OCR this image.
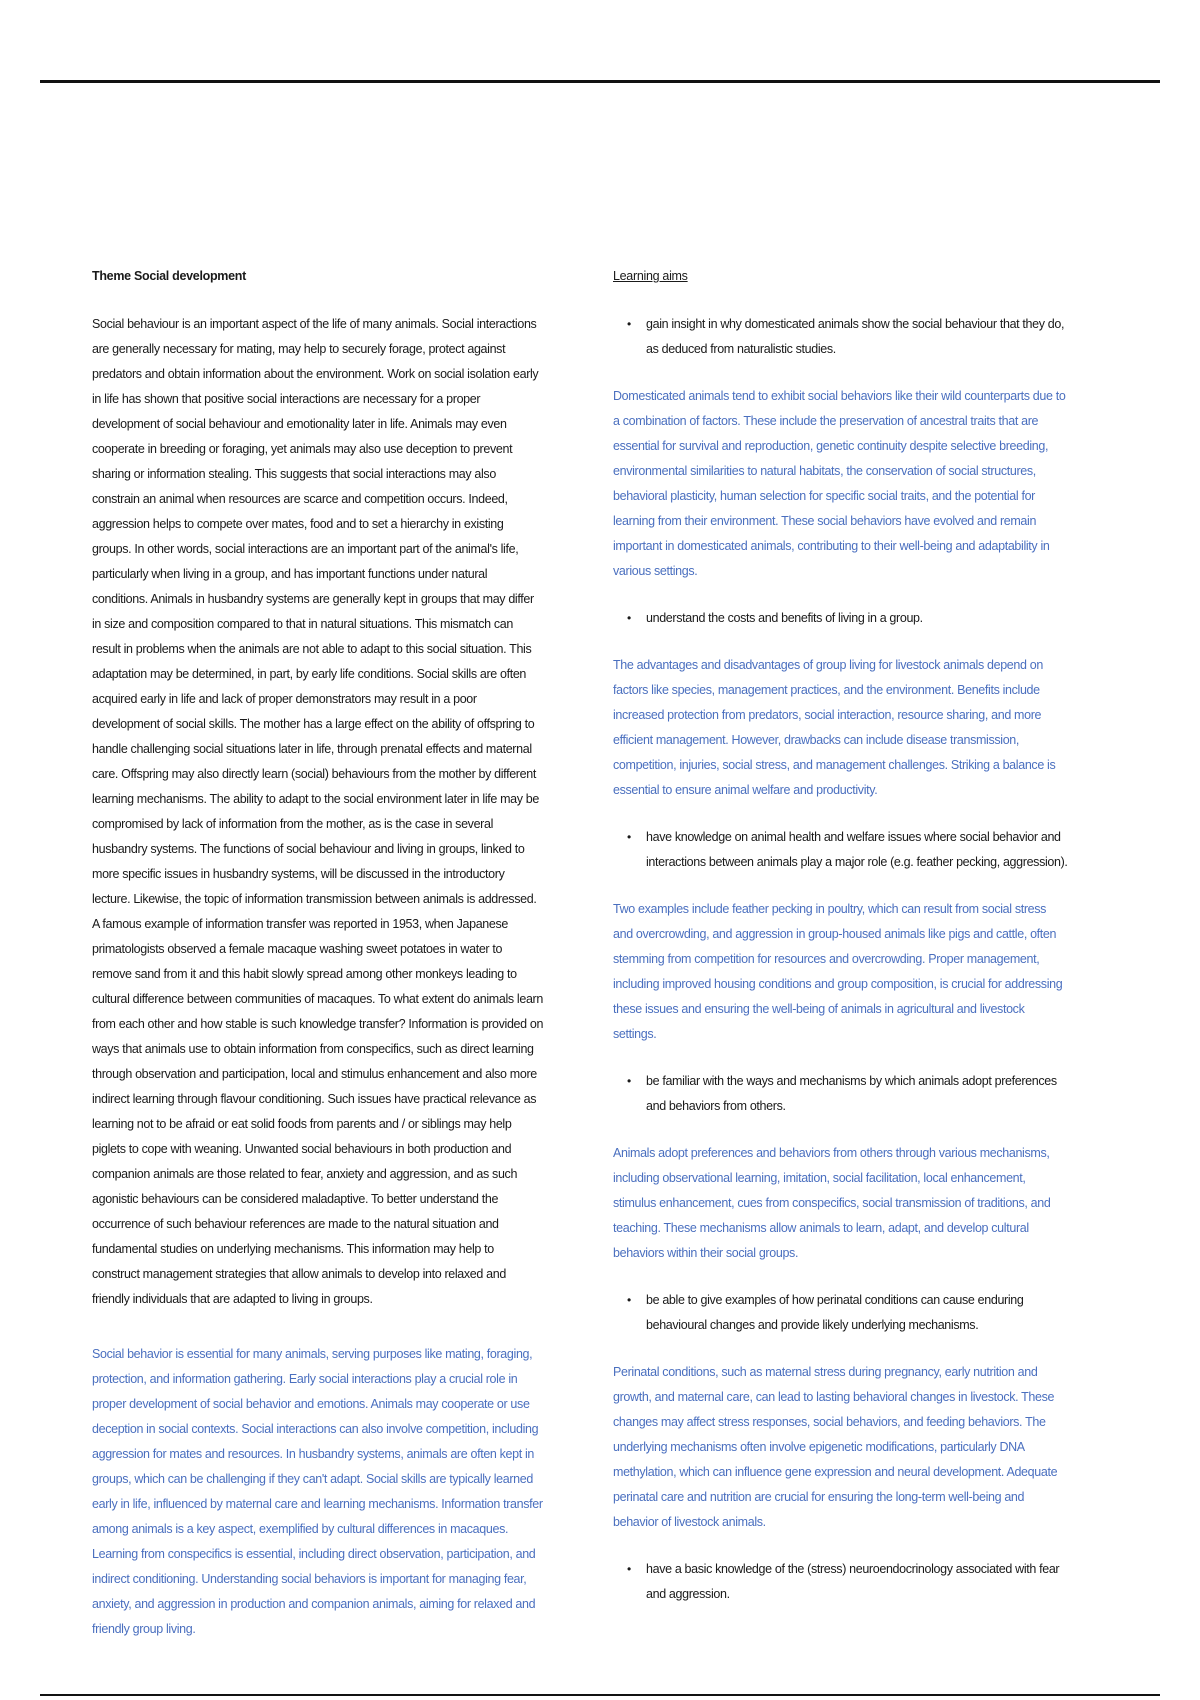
Theme Social development

Social behaviour is an important aspect of the life of many animals. Social interactions are generally necessary for mating, may help to securely forage, protect against predators and obtain information about the environment. Work on social isolation early in life has shown that positive social interactions are necessary for a proper development of social behaviour and emotionality later in life. Animals may even cooperate in breeding or foraging, yet animals may also use deception to prevent sharing or information stealing. This suggests that social interactions may also constrain an animal when resources are scarce and competition occurs. Indeed, aggression helps to compete over mates, food and to set a hierarchy in existing groups. In other words, social interactions are an important part of the animal's life, particularly when living in a group, and has important functions under natural conditions. Animals in husbandry systems are generally kept in groups that may differ in size and composition compared to that in natural situations. This mismatch can result in problems when the animals are not able to adapt to this social situation. This adaptation may be determined, in part, by early life conditions. Social skills are often acquired early in life and lack of proper demonstrators may result in a poor development of social skills. The mother has a large effect on the ability of offspring to handle challenging social situations later in life, through prenatal effects and maternal care. Offspring may also directly learn (social) behaviours from the mother by different learning mechanisms. The ability to adapt to the social environment later in life may be compromised by lack of information from the mother, as is the case in several husbandry systems. The functions of social behaviour and living in groups, linked to more specific issues in husbandry systems, will be discussed in the introductory lecture. Likewise, the topic of information transmission between animals is addressed. A famous example of information transfer was reported in 1953, when Japanese primatologists observed a female macaque washing sweet potatoes in water to remove sand from it and this habit slowly spread among other monkeys leading to cultural difference between communities of macaques. To what extent do animals learn from each other and how stable is such knowledge transfer? Information is provided on ways that animals use to obtain information from conspecifics, such as direct learning through observation and participation, local and stimulus enhancement and also more indirect learning through flavour conditioning. Such issues have practical relevance as learning not to be afraid or eat solid foods from parents and / or siblings may help piglets to cope with weaning. Unwanted social behaviours in both production and companion animals are those related to fear, anxiety and aggression, and as such agonistic behaviours can be considered maladaptive. To better understand the occurrence of such behaviour references are made to the natural situation and fundamental studies on underlying mechanisms. This information may help to construct management strategies that allow animals to develop into relaxed and friendly individuals that are adapted to living in groups.

Social behavior is essential for many animals, serving purposes like mating, foraging, protection, and information gathering. Early social interactions play a crucial role in proper development of social behavior and emotions. Animals may cooperate or use deception in social contexts. Social interactions can also involve competition, including aggression for mates and resources. In husbandry systems, animals are often kept in groups, which can be challenging if they can't adapt. Social skills are typically learned early in life, influenced by maternal care and learning mechanisms. Information transfer among animals is a key aspect, exemplified by cultural differences in macaques. Learning from conspecifics is essential, including direct observation, participation, and indirect conditioning. Understanding social behaviors is important for managing fear, anxiety, and aggression in production and companion animals, aiming for relaxed and friendly group living.

Learning aims

• gain insight in why domesticated animals show the social behaviour that they do, as deduced from naturalistic studies.

Domesticated animals tend to exhibit social behaviors like their wild counterparts due to a combination of factors. These include the preservation of ancestral traits that are essential for survival and reproduction, genetic continuity despite selective breeding, environmental similarities to natural habitats, the conservation of social structures, behavioral plasticity, human selection for specific social traits, and the potential for learning from their environment. These social behaviors have evolved and remain important in domesticated animals, contributing to their well-being and adaptability in various settings.

• understand the costs and benefits of living in a group.

The advantages and disadvantages of group living for livestock animals depend on factors like species, management practices, and the environment. Benefits include increased protection from predators, social interaction, resource sharing, and more efficient management. However, drawbacks can include disease transmission, competition, injuries, social stress, and management challenges. Striking a balance is essential to ensure animal welfare and productivity.

• have knowledge on animal health and welfare issues where social behavior and interactions between animals play a major role (e.g. feather pecking, aggression).

Two examples include feather pecking in poultry, which can result from social stress and overcrowding, and aggression in group-housed animals like pigs and cattle, often stemming from competition for resources and overcrowding. Proper management, including improved housing conditions and group composition, is crucial for addressing these issues and ensuring the well-being of animals in agricultural and livestock settings.

• be familiar with the ways and mechanisms by which animals adopt preferences and behaviors from others.

Animals adopt preferences and behaviors from others through various mechanisms, including observational learning, imitation, social facilitation, local enhancement, stimulus enhancement, cues from conspecifics, social transmission of traditions, and teaching. These mechanisms allow animals to learn, adapt, and develop cultural behaviors within their social groups.

• be able to give examples of how perinatal conditions can cause enduring behavioural changes and provide likely underlying mechanisms.

Perinatal conditions, such as maternal stress during pregnancy, early nutrition and growth, and maternal care, can lead to lasting behavioral changes in livestock. These changes may affect stress responses, social behaviors, and feeding behaviors. The underlying mechanisms often involve epigenetic modifications, particularly DNA methylation, which can influence gene expression and neural development. Adequate perinatal care and nutrition are crucial for ensuring the long-term well-being and behavior of livestock animals.

• have a basic knowledge of the (stress) neuroendocrinology associated with fear and aggression.
